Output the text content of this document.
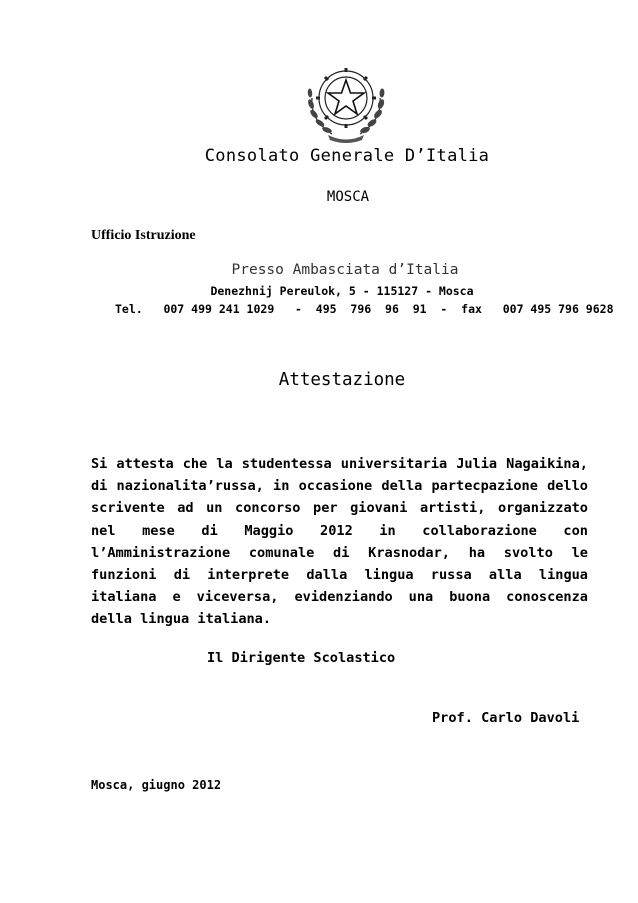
Consolato Generale D’Italia
MOSCA
Ufficio Istruzione
Presso Ambasciata d’Italia
Denezhnij Pereulok, 5 - 115127 - Mosca
Tel.   007 499 241 1029   -  495  796  96  91  -  fax   007 495 796 9628
Attestazione
Si attesta che la studentessa universitaria Julia Nagaikina, di nazionalita’russa, in occasione della partecpazione dello scrivente ad un concorso per giovani artisti, organizzato nel mese di Maggio 2012 in collaborazione con l’Amministrazione comunale di Krasnodar, ha svolto le funzioni di interprete dalla lingua russa alla lingua italiana e viceversa, evidenziando una buona conoscenza della lingua italiana.
Il Dirigente Scolastico
Prof. Carlo Davoli
Mosca, giugno 2012
